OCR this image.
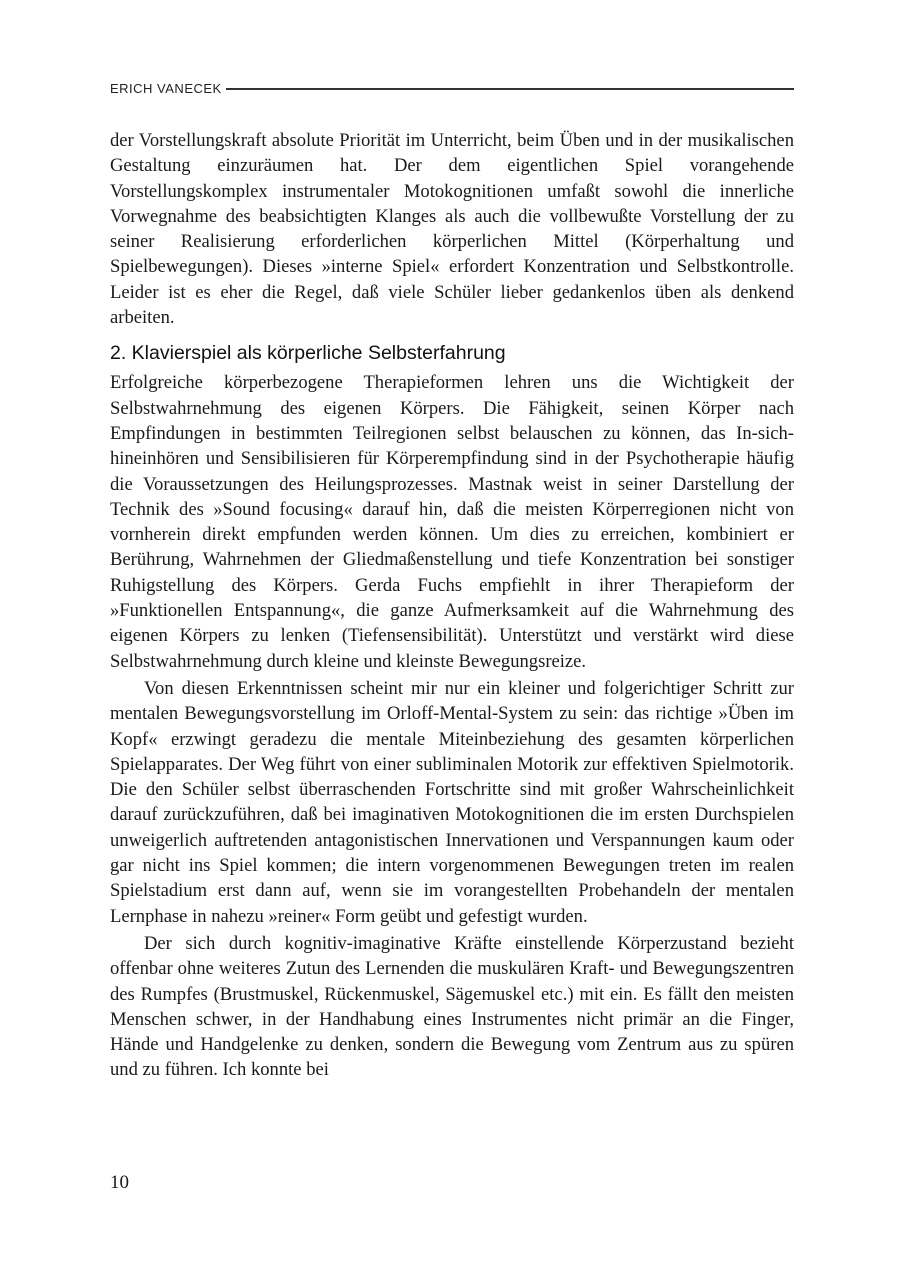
ERICH VANECEK

der Vorstellungskraft absolute Priorität im Unterricht, beim Üben und in der musikalischen Gestaltung einzuräumen hat. Der dem eigentlichen Spiel vorangehende Vorstellungskomplex instrumentaler Motokognitionen umfaßt sowohl die innerliche Vorwegnahme des beabsichtigten Klanges als auch die vollbewußte Vorstellung der zu seiner Realisierung erforderlichen körperlichen Mittel (Körperhaltung und Spielbewegungen). Dieses »interne Spiel« erfordert Konzentration und Selbstkontrolle. Leider ist es eher die Regel, daß viele Schüler lieber gedankenlos üben als denkend arbeiten.

2. Klavierspiel als körperliche Selbsterfahrung

Erfolgreiche körperbezogene Therapieformen lehren uns die Wichtigkeit der Selbstwahrnehmung des eigenen Körpers. Die Fähigkeit, seinen Körper nach Empfindungen in bestimmten Teilregionen selbst belauschen zu können, das In-sich-hineinhören und Sensibilisieren für Körperempfindung sind in der Psychotherapie häufig die Voraussetzungen des Heilungsprozesses. Mastnak weist in seiner Darstellung der Technik des »Sound focusing« darauf hin, daß die meisten Körperregionen nicht von vornherein direkt empfunden werden können. Um dies zu erreichen, kombiniert er Berührung, Wahrnehmen der Gliedmaßenstellung und tiefe Konzentration bei sonstiger Ruhigstellung des Körpers. Gerda Fuchs empfiehlt in ihrer Therapieform der »Funktionellen Entspannung«, die ganze Aufmerksamkeit auf die Wahrnehmung des eigenen Körpers zu lenken (Tiefensensibilität). Unterstützt und verstärkt wird diese Selbstwahrnehmung durch kleine und kleinste Bewegungsreize.

Von diesen Erkenntnissen scheint mir nur ein kleiner und folgerichtiger Schritt zur mentalen Bewegungsvorstellung im Orloff-Mental-System zu sein: das richtige »Üben im Kopf« erzwingt geradezu die mentale Miteinbeziehung des gesamten körperlichen Spielapparates. Der Weg führt von einer subliminalen Motorik zur effektiven Spielmotorik. Die den Schüler selbst überraschenden Fortschritte sind mit großer Wahrscheinlichkeit darauf zurückzuführen, daß bei imaginativen Motokognitionen die im ersten Durchspielen unweigerlich auftretenden antagonistischen Innervationen und Verspannungen kaum oder gar nicht ins Spiel kommen; die intern vorgenommenen Bewegungen treten im realen Spielstadium erst dann auf, wenn sie im vorangestellten Probehandeln der mentalen Lernphase in nahezu »reiner« Form geübt und gefestigt wurden.

Der sich durch kognitiv-imaginative Kräfte einstellende Körperzustand bezieht offenbar ohne weiteres Zutun des Lernenden die muskulären Kraft- und Bewegungszentren des Rumpfes (Brustmuskel, Rückenmuskel, Sägemuskel etc.) mit ein. Es fällt den meisten Menschen schwer, in der Handhabung eines Instrumentes nicht primär an die Finger, Hände und Handgelenke zu denken, sondern die Bewegung vom Zentrum aus zu spüren und zu führen. Ich konnte bei

10
